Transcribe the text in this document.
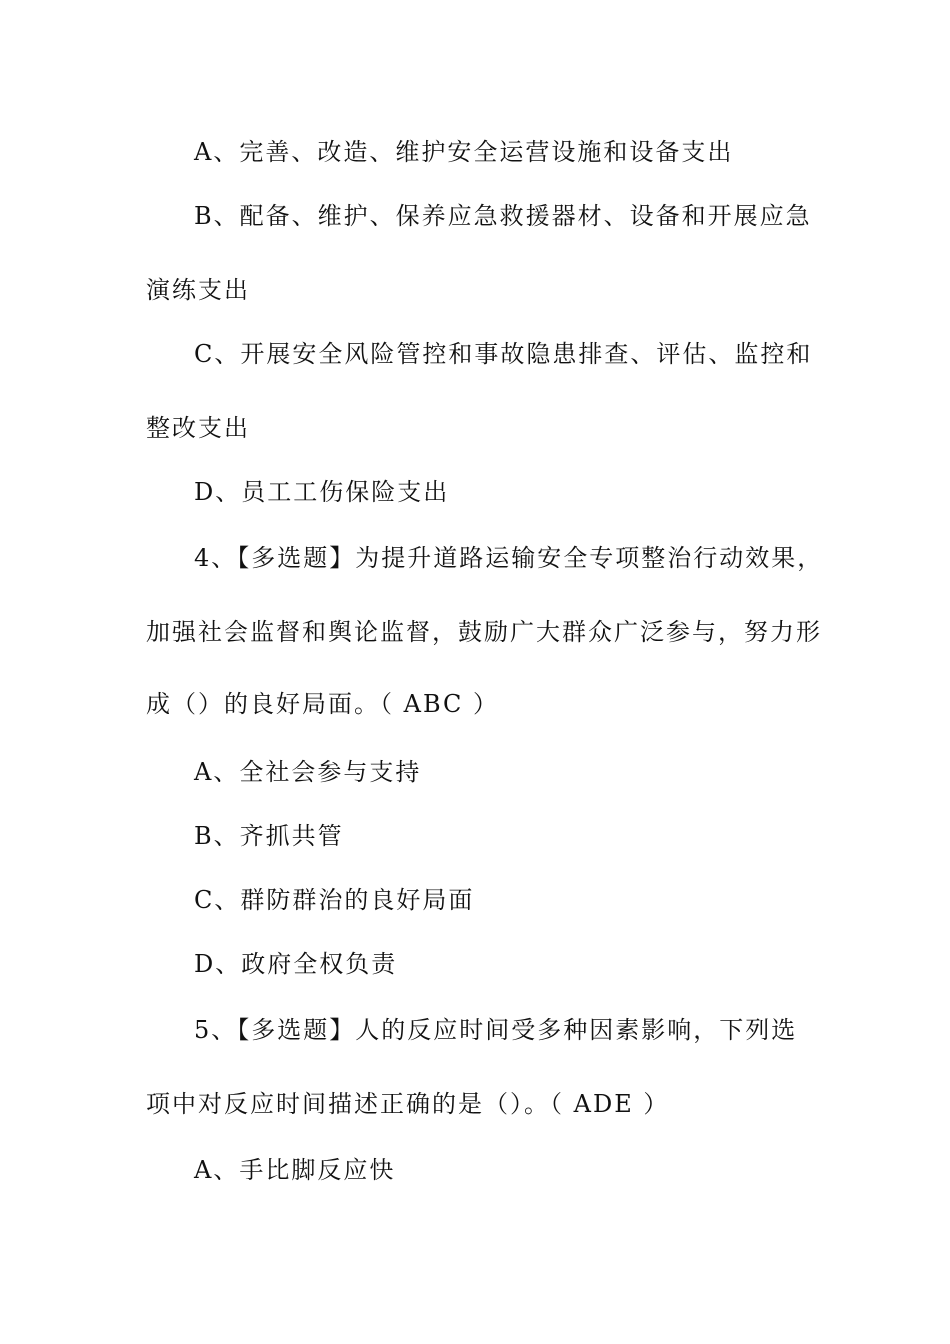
A、完善、改造、维护安全运营设施和设备支出
B、配备、维护、保养应急救援器材、设备和开展应急
演练支出
C、开展安全风险管控和事故隐患排查、评估、监控和
整改支出
D、员工工伤保险支出
4、【多选题】为提升道路运输安全专项整治行动效果，
加强社会监督和舆论监督，鼓励广大群众广泛参与，努力形
成（）的良好局面。（ ABC ）
A、全社会参与支持
B、齐抓共管
C、群防群治的良好局面
D、政府全权负责
5、【多选题】人的反应时间受多种因素影响，下列选
项中对反应时间描述正确的是（）。（ ADE ）
A、手比脚反应快
